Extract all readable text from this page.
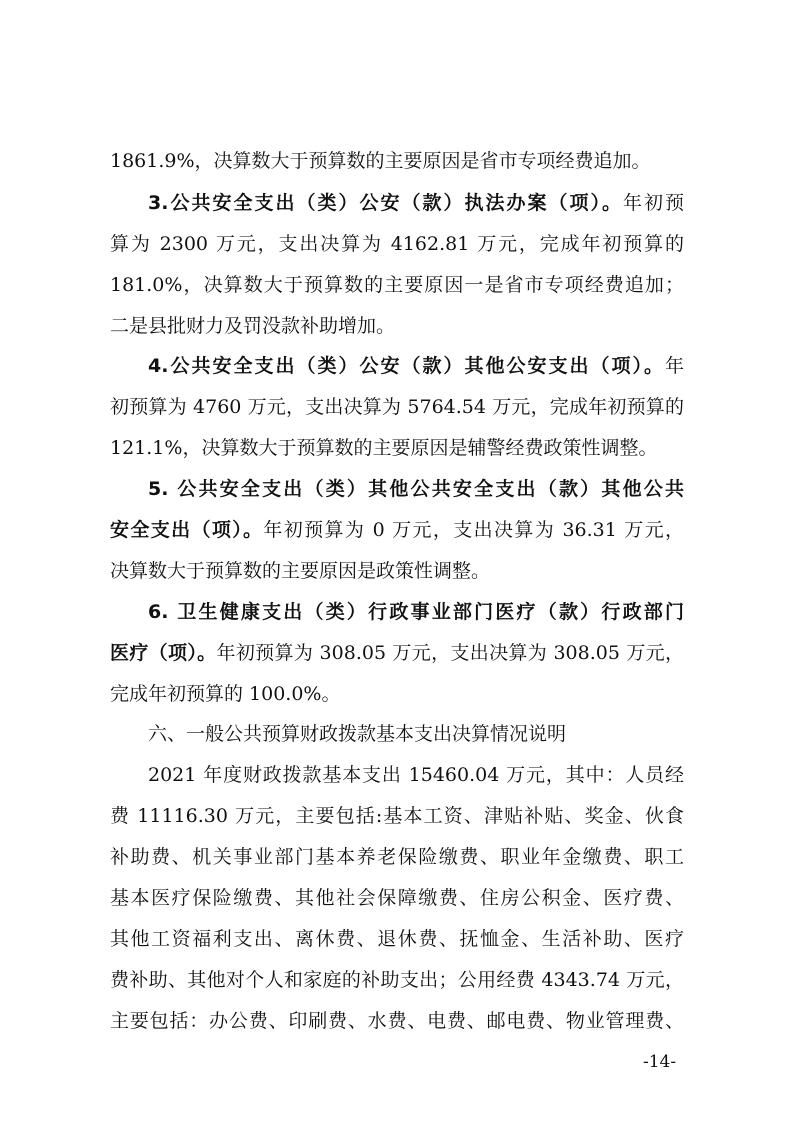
1861.9%，决算数大于预算数的主要原因是省市专项经费追加。
3.公共安全支出（类）公安（款）执法办案（项）。年初预
算为 2300 万元，支出决算为 4162.81 万元，完成年初预算的
181.0%，决算数大于预算数的主要原因一是省市专项经费追加；
二是县批财力及罚没款补助增加。
4.公共安全支出（类）公安（款）其他公安支出（项）。年
初预算为 4760 万元，支出决算为 5764.54 万元，完成年初预算的
121.1%，决算数大于预算数的主要原因是辅警经费政策性调整。
5. 公共安全支出（类）其他公共安全支出（款）其他公共
安全支出（项）。年初预算为 0 万元，支出决算为 36.31 万元，
决算数大于预算数的主要原因是政策性调整。
6. 卫生健康支出（类）行政事业部门医疗（款）行政部门
医疗（项）。年初预算为 308.05 万元，支出决算为 308.05 万元，
完成年初预算的 100.0%。
六、一般公共预算财政拨款基本支出决算情况说明
2021 年度财政拨款基本支出 15460.04 万元，其中：人员经
费 11116.30 万元，主要包括:基本工资、津贴补贴、奖金、伙食
补助费、机关事业部门基本养老保险缴费、职业年金缴费、职工
基本医疗保险缴费、其他社会保障缴费、住房公积金、医疗费、
其他工资福利支出、离休费、退休费、抚恤金、生活补助、医疗
费补助、其他对个人和家庭的补助支出；公用经费 4343.74 万元，
主要包括：办公费、印刷费、水费、电费、邮电费、物业管理费、
-14-
